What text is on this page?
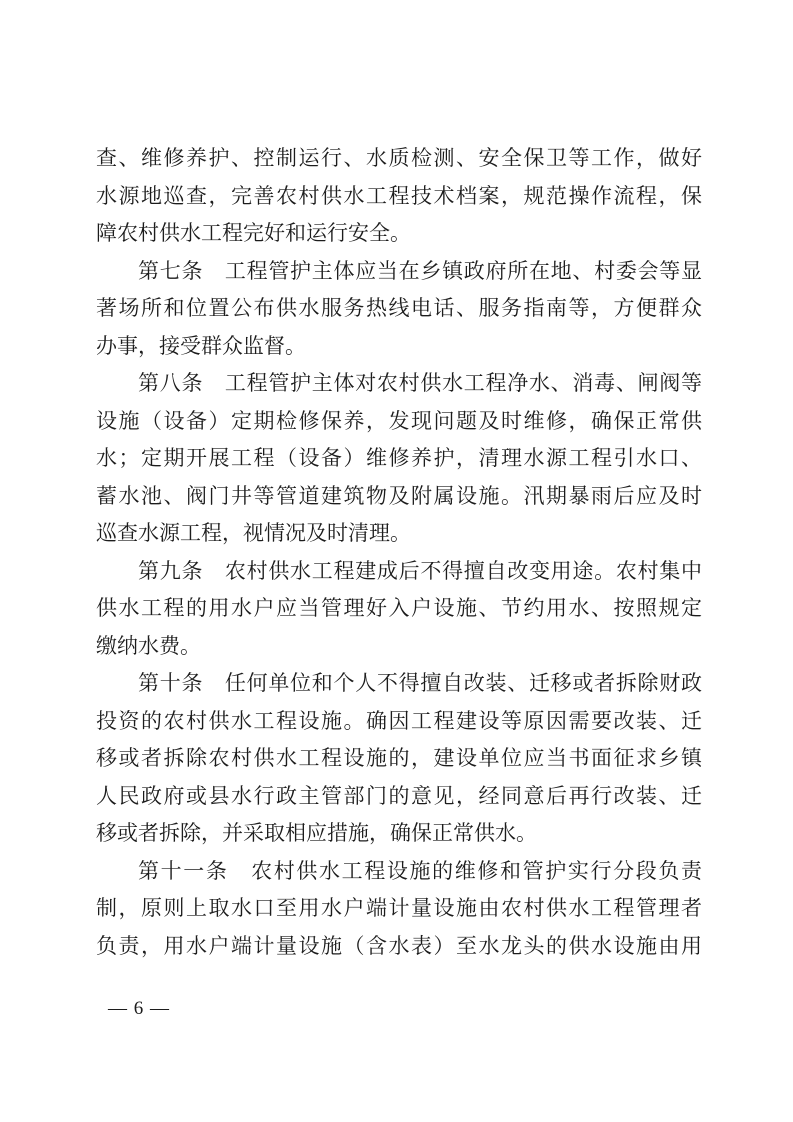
查、维修养护、控制运行、水质检测、安全保卫等工作，做好
水源地巡查，完善农村供水工程技术档案，规范操作流程，保
障农村供水工程完好和运行安全。
第七条　工程管护主体应当在乡镇政府所在地、村委会等显
著场所和位置公布供水服务热线电话、服务指南等，方便群众
办事，接受群众监督。
第八条　工程管护主体对农村供水工程净水、消毒、闸阀等
设施（设备）定期检修保养，发现问题及时维修，确保正常供
水；定期开展工程（设备）维修养护，清理水源工程引水口、
蓄水池、阀门井等管道建筑物及附属设施。汛期暴雨后应及时
巡查水源工程，视情况及时清理。
第九条　农村供水工程建成后不得擅自改变用途。农村集中
供水工程的用水户应当管理好入户设施、节约用水、按照规定
缴纳水费。
第十条　任何单位和个人不得擅自改装、迁移或者拆除财政
投资的农村供水工程设施。确因工程建设等原因需要改装、迁
移或者拆除农村供水工程设施的，建设单位应当书面征求乡镇
人民政府或县水行政主管部门的意见，经同意后再行改装、迁
移或者拆除，并采取相应措施，确保正常供水。
第十一条　农村供水工程设施的维修和管护实行分段负责
制，原则上取水口至用水户端计量设施由农村供水工程管理者
负责，用水户端计量设施（含水表）至水龙头的供水设施由用
— 6 —
